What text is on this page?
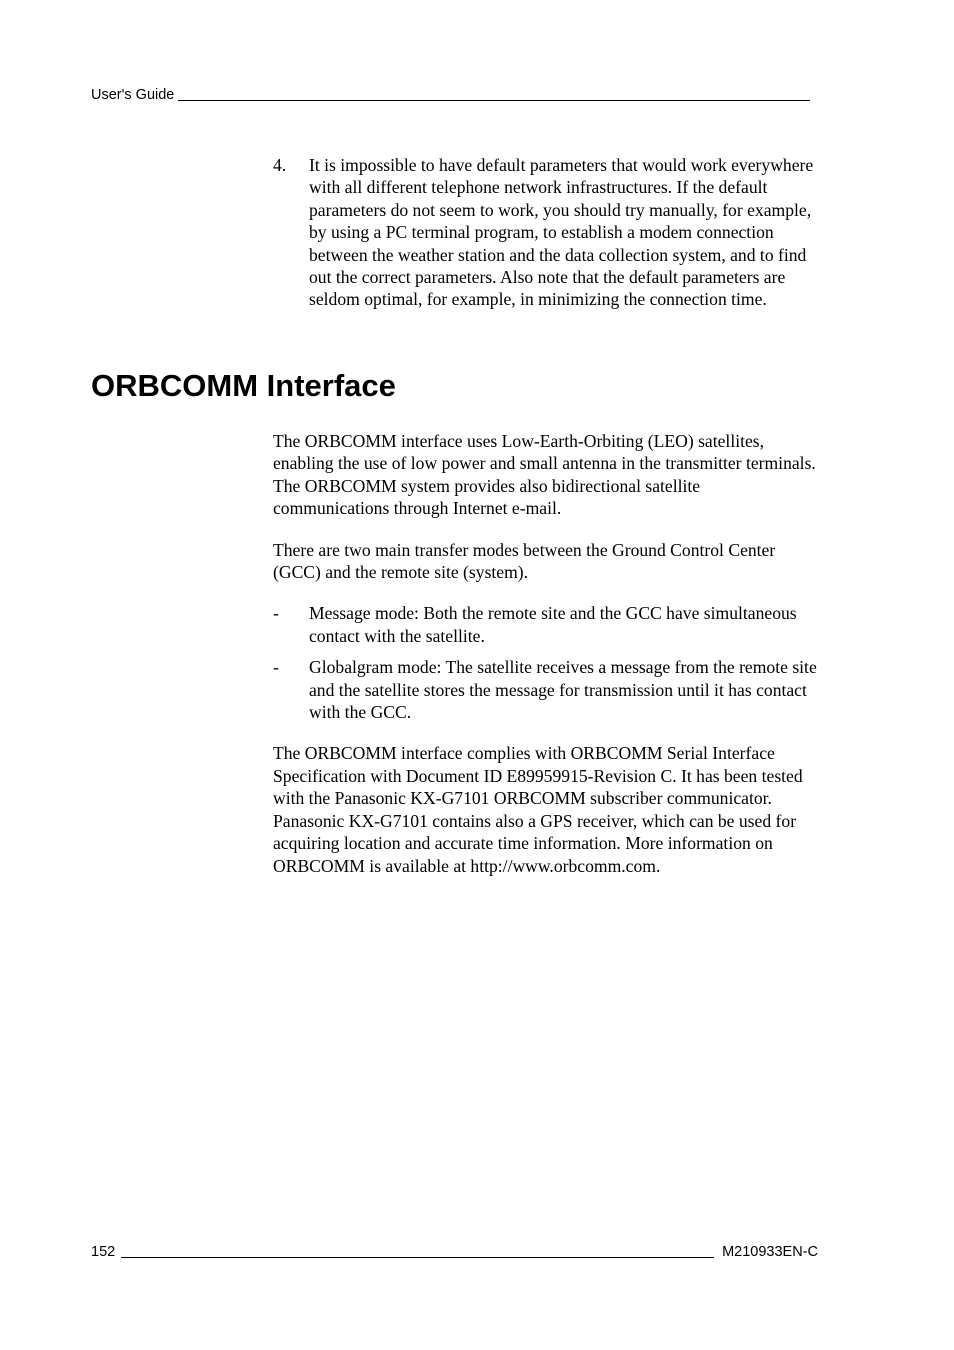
User's Guide
4.	It is impossible to have default parameters that would work everywhere with all different telephone network infrastructures. If the default parameters do not seem to work, you should try manually, for example, by using a PC terminal program, to establish a modem connection between the weather station and the data collection system, and to find out the correct parameters. Also note that the default parameters are seldom optimal, for example, in minimizing the connection time.
ORBCOMM Interface

The ORBCOMM interface uses Low-Earth-Orbiting (LEO) satellites, enabling the use of low power and small antenna in the transmitter terminals. The ORBCOMM system provides also bidirectional satellite communications through Internet e-mail.

There are two main transfer modes between the Ground Control Center (GCC) and the remote site (system).

-	Message mode: Both the remote site and the GCC have simultaneous contact with the satellite.
-	Globalgram mode: The satellite receives a message from the remote site and the satellite stores the message for transmission until it has contact with the GCC.

The ORBCOMM interface complies with ORBCOMM Serial Interface Specification with Document ID E89959915-Revision C. It has been tested with the Panasonic KX-G7101 ORBCOMM subscriber communicator. Panasonic KX-G7101 contains also a GPS receiver, which can be used for acquiring location and accurate time information. More information on ORBCOMM is available at http://www.orbcomm.com.

152	M210933EN-C
